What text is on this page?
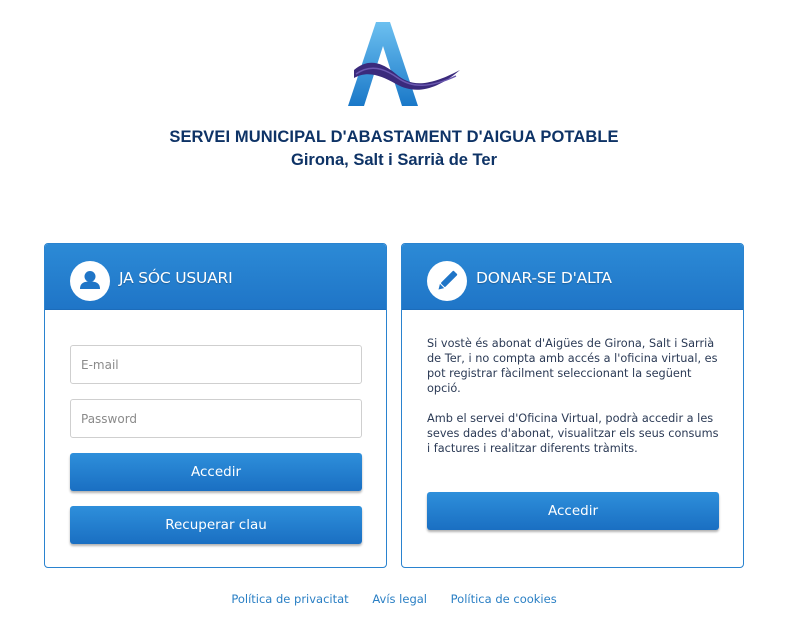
SERVEI MUNICIPAL D'ABASTAMENT D'AIGUA POTABLE
Girona, Salt i Sarrià de Ter
JA SÓC USUARI
E-mail
Accedir
Recuperar clau
DONAR-SE D'ALTA

Si vostè és abonat d'Aigües de Girona, Salt i Sarrià de Ter, i no compta amb accés a l'oficina virtual, es pot registrar fàcilment seleccionant la següent opció.

Amb el servei d'Oficina Virtual, podrà accedir a les seves dades d'abonat, visualitzar els seus consums i factures i realitzar diferents tràmits.

Accedir
Política de privacitat Avís legal Política de cookies
